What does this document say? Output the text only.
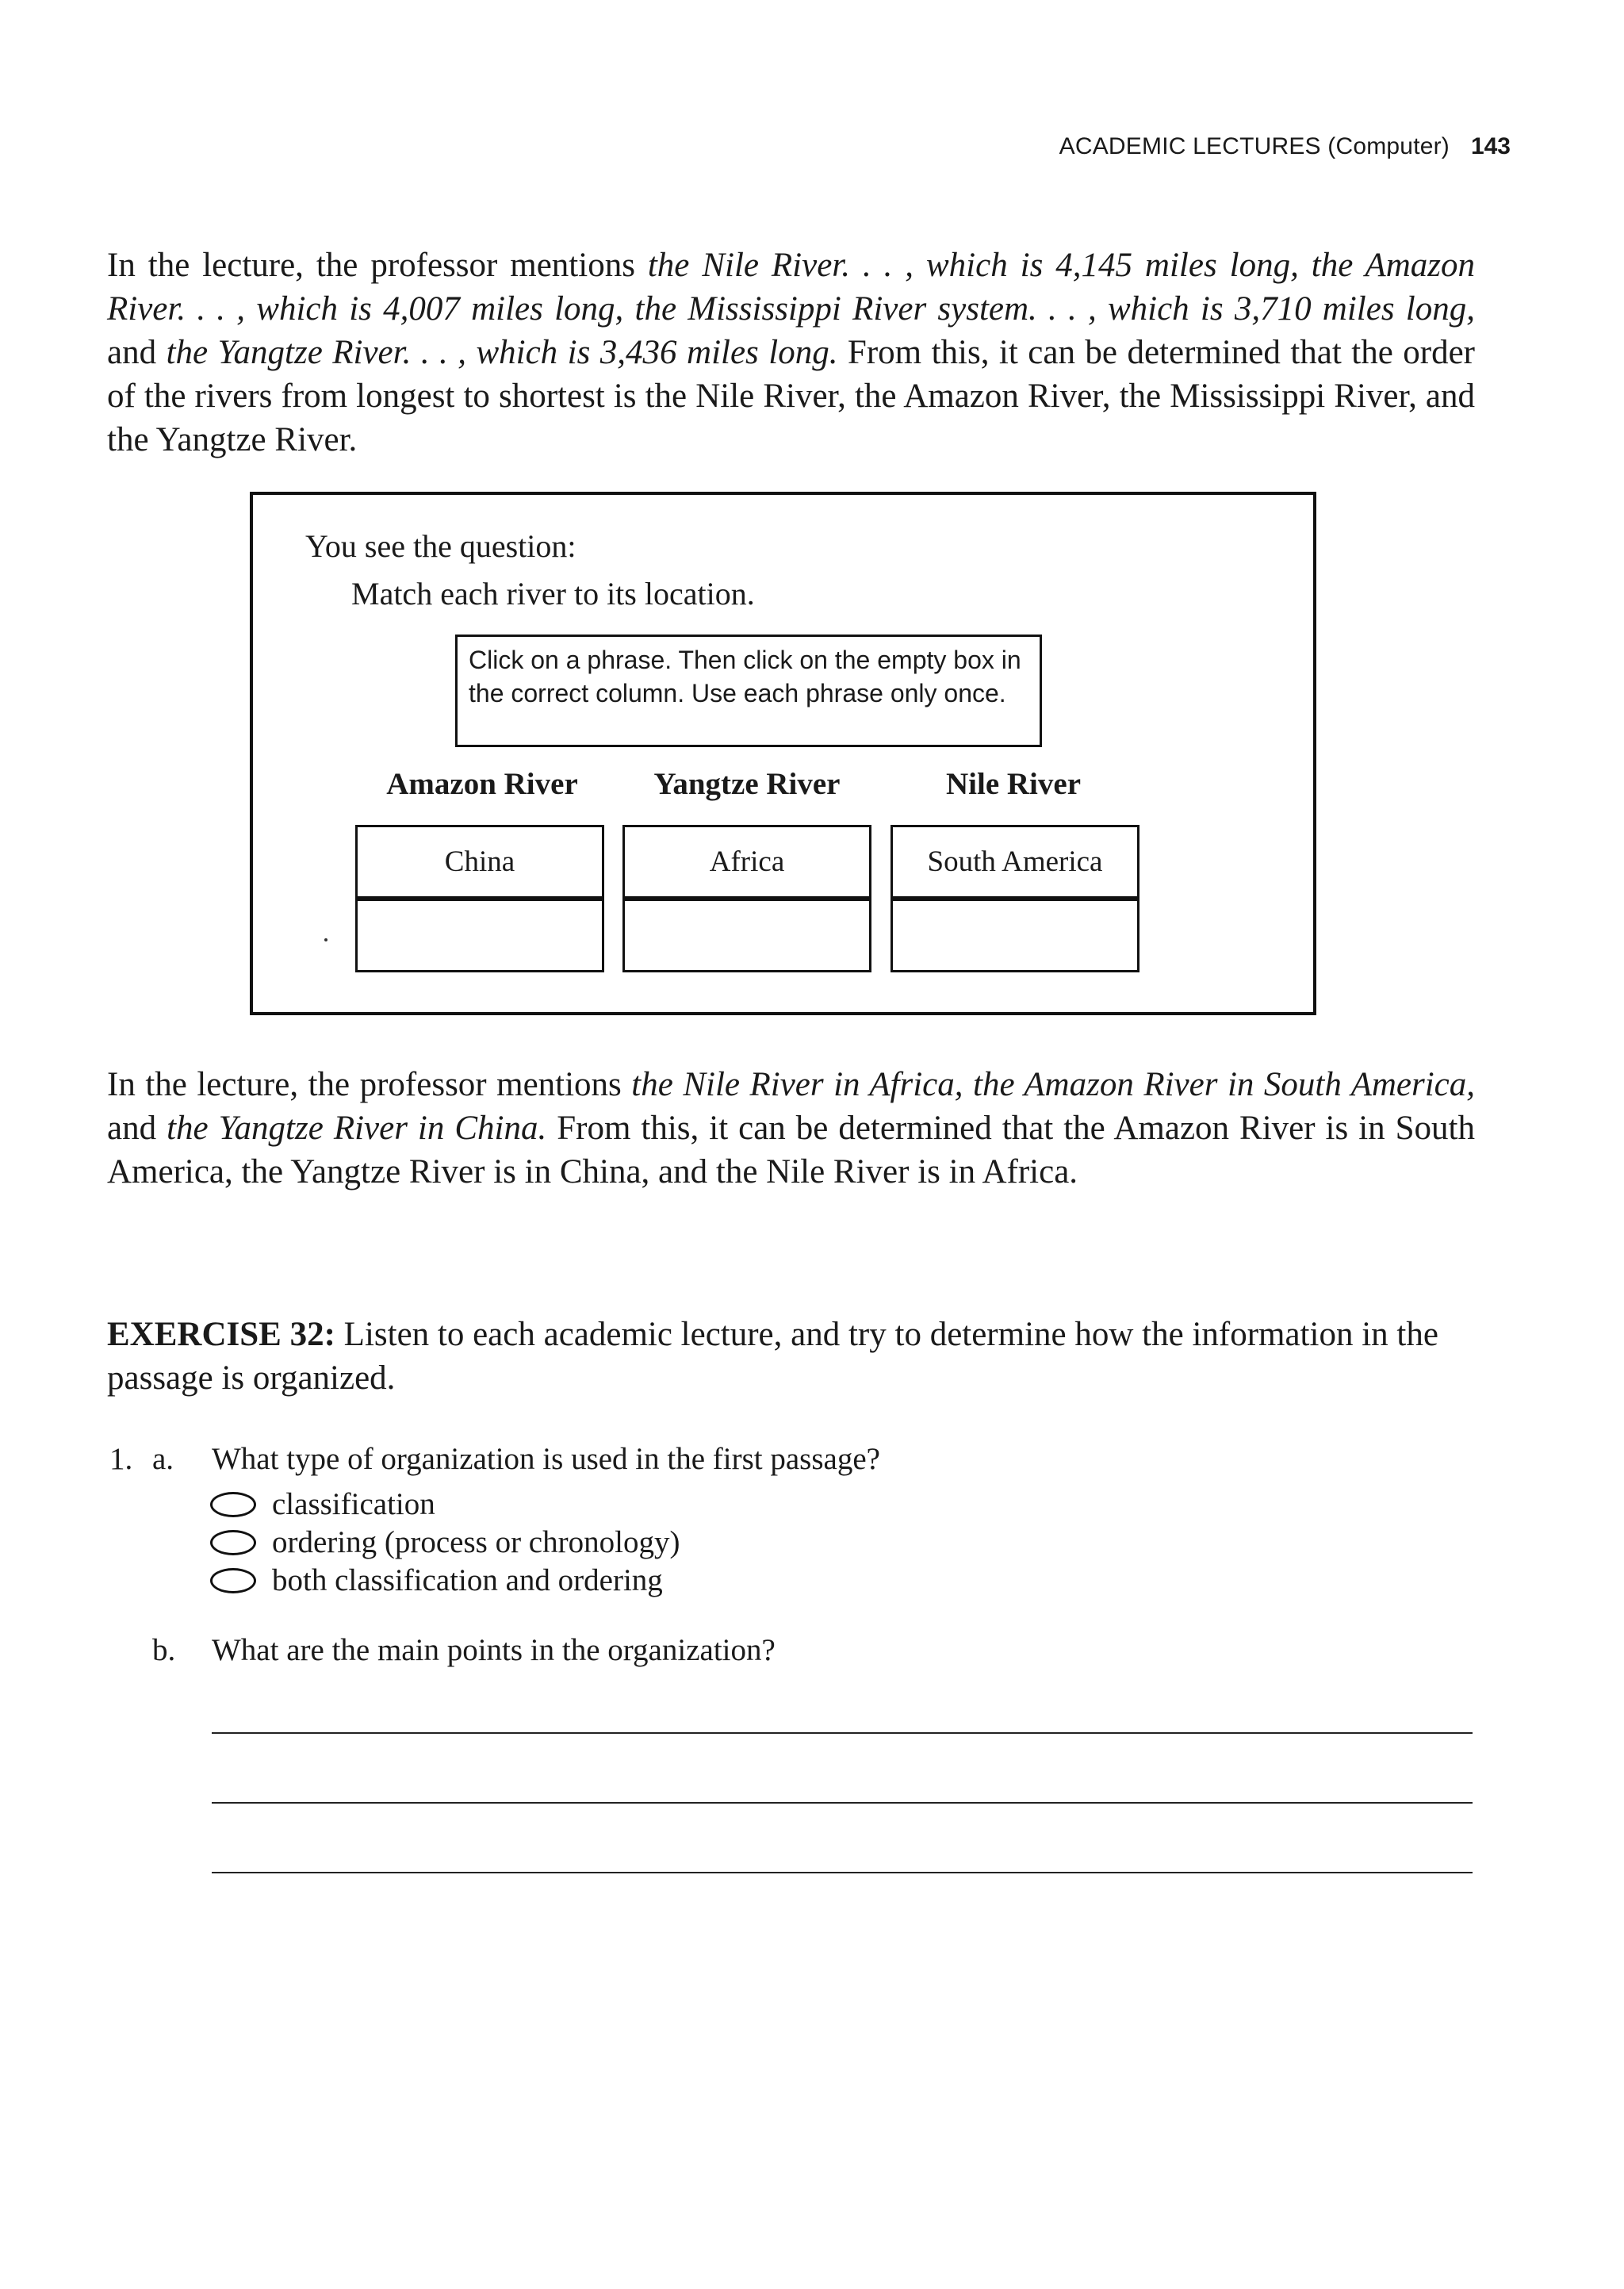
ACADEMIC LECTURES (Computer) 143
In the lecture, the professor mentions the Nile River. . . , which is 4,145 miles long, the Amazon River. . . , which is 4,007 miles long, the Mississippi River system. . . , which is 3,710 miles long, and the Yangtze River. . . , which is 3,436 miles long. From this, it can be determined that the order of the rivers from longest to shortest is the Nile River, the Amazon River, the Mississippi River, and the Yangtze River.
You see the question:
Match each river to its location.
Click on a phrase. Then click on the empty box in the correct column. Use each phrase only once.
Amazon River	Yangtze River	Nile River
China	Africa	South America
In the lecture, the professor mentions the Nile River in Africa, the Amazon River in South America, and the Yangtze River in China. From this, it can be determined that the Amazon River is in South America, the Yangtze River is in China, and the Nile River is in Africa.
EXERCISE 32: Listen to each academic lecture, and try to determine how the information in the passage is organized.
1. a. What type of organization is used in the first passage?
classification
ordering (process or chronology)
both classification and ordering
b. What are the main points in the organization?
